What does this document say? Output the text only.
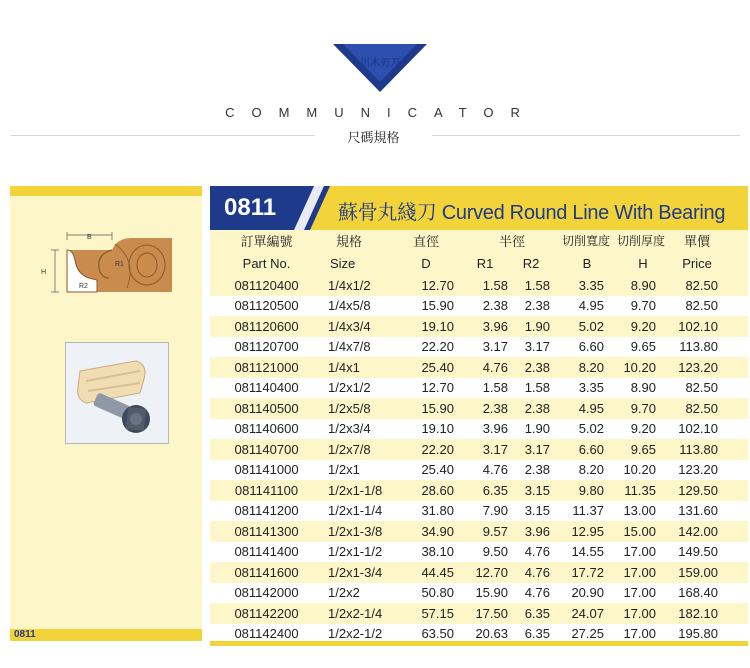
川木刃刀
COMMUNICATOR
尺碼規格
B
H
R1
R2
0811
0811	蘇骨丸綫刀 Curved Round Line With Bearing
訂單編號	規格	直徑	半徑	切削寬度 切削厚度	單價
Part No.	Size	D	R1	R2	B	H	Price
081120400	1/4x1/2	12.70	1.58	1.58	3.35	8.90	82.50
081120500	1/4x5/8	15.90	2.38	2.38	4.95	9.70	82.50
081120600	1/4x3/4	19.10	3.96	1.90	5.02	9.20	102.10
081120700	1/4x7/8	22.20	3.17	3.17	6.60	9.65	113.80
081121000	1/4x1	25.40	4.76	2.38	8.20	10.20	123.20
081140400	1/2x1/2	12.70	1.58	1.58	3.35	8.90	82.50
081140500	1/2x5/8	15.90	2.38	2.38	4.95	9.70	82.50
081140600	1/2x3/4	19.10	3.96	1.90	5.02	9.20	102.10
081140700	1/2x7/8	22.20	3.17	3.17	6.60	9.65	113.80
081141000	1/2x1	25.40	4.76	2.38	8.20	10.20	123.20
081141100	1/2x1-1/8	28.60	6.35	3.15	9.80	11.35	129.50
081141200	1/2x1-1/4	31.80	7.90	3.15	11.37	13.00	131.60
081141300	1/2x1-3/8	34.90	9.57	3.96	12.95	15.00	142.00
081141400	1/2x1-1/2	38.10	9.50	4.76	14.55	17.00	149.50
081141600	1/2x1-3/4	44.45	12.70	4.76	17.72	17.00	159.00
081142000	1/2x2	50.80	15.90	4.76	20.90	17.00	168.40
081142200	1/2x2-1/4	57.15	17.50	6.35	24.07	17.00	182.10
081142400	1/2x2-1/2	63.50	20.63	6.35	27.25	17.00	195.80
